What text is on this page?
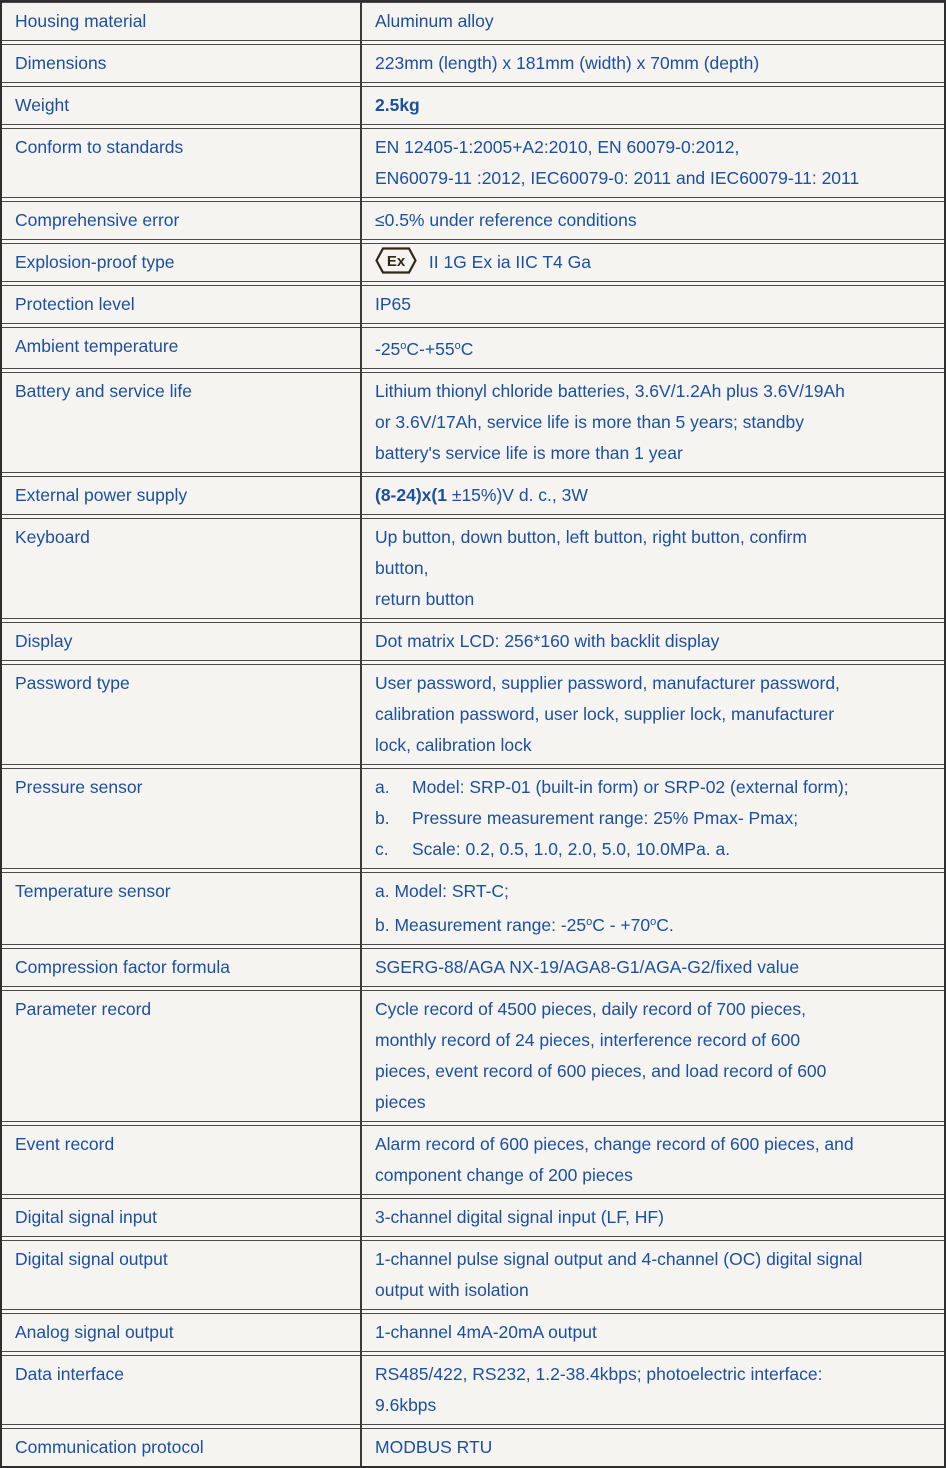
Housing material	Aluminum alloy
Dimensions	223mm (length) x 181mm (width) x 70mm (depth)
Weight	2.5kg
Conform to standards	EN 12405-1:2005+A2:2010, EN 60079-0:2012,
EN60079-11 :2012, IEC60079-0: 2011 and IEC60079-11: 2011
Comprehensive error	≤0.5% under reference conditions
Explosion-proof type	Ex II 1G Ex ia IIC T4 Ga
Protection level	IP65
Ambient temperature	$-25^oC-+55^oC$
Battery and service life	Lithium thionyl chloride batteries, 3.6V/1.2Ah plus 3.6V/19Ah
or 3.6V/17Ah, service life is more than 5 years; standby
battery's service life is more than 1 year
External power supply	(8-24)x(1 ±15%)V d. c., 3W
Keyboard	Up button, down button, left button, right button, confirm
button,
return button
Display	Dot matrix LCD: 256*160 with backlit display
Password type	User password, supplier password, manufacturer password,
calibration password, user lock, supplier lock, manufacturer
lock, calibration lock
Pressure sensor	a. Model: SRP-01 (built-in form) or SRP-02 (external form);
b. Pressure measurement range: 25% Pmax- Pmax;
c. Scale: 0.2, 0.5, 1.0, 2.0, 5.0, 10.0MPa. a.
Temperature sensor	a. Model: SRT-C;
b. Measurement range: $-25^oC - +70^oC$.
Compression factor formula	SGERG-88/AGA NX-19/AGA8-G1/AGA-G2/fixed value
Parameter record	Cycle record of 4500 pieces, daily record of 700 pieces,
monthly record of 24 pieces, interference record of 600
pieces, event record of 600 pieces, and load record of 600
pieces
Event record	Alarm record of 600 pieces, change record of 600 pieces, and
component change of 200 pieces
Digital signal input	3-channel digital signal input (LF, HF)
Digital signal output	1-channel pulse signal output and 4-channel (OC) digital signal
output with isolation
Analog signal output	1-channel 4mA-20mA output
Data interface	RS485/422, RS232, 1.2-38.4kbps; photoelectric interface:
9.6kbps
Communication protocol	MODBUS RTU
